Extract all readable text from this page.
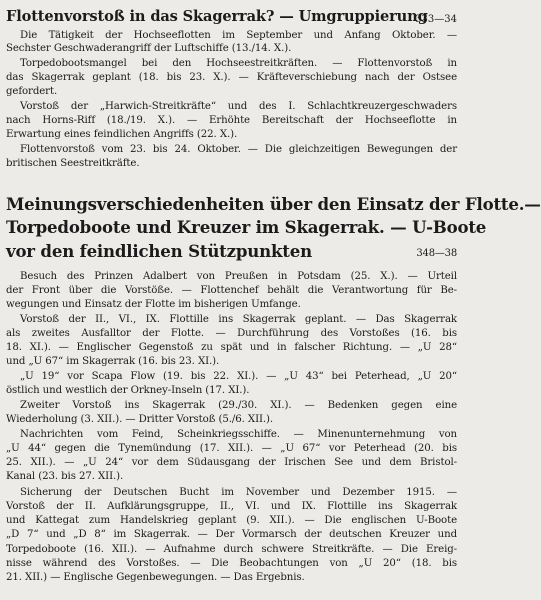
Flottenvorstoß in das Skagerrak? — Umgruppierung
333—34
Die Tätigkeit der Hochseeflotten im September und Anfang Oktober. —
Sechster Geschwaderangriff der Luftschiffe (13./14. X.).
Torpedobootsmangel bei den Hochseestreitkräften. — Flottenvorstoß in
das Skagerrak geplant (18. bis 23. X.). — Kräfteverschiebung nach der Ostsee
gefordert.
Vorstoß der „Harwich-Streitkräfte“ und des I. Schlachtkreuzergeschwaders
nach Horns-Riff (18./19. X.). — Erhöhte Bereitschaft der Hochseeflotte in
Erwartung eines feindlichen Angriffs (22. X.).
Flottenvorstoß vom 23. bis 24. Oktober. — Die gleichzeitigen Bewegungen der
britischen Seestreitkräfte.
Meinungsverschiedenheiten über den Einsatz der Flotte.—
Torpedoboote und Kreuzer im Skagerrak. — U-Boote
vor den feindlichen Stützpunkten	348—38
Besuch des Prinzen Adalbert von Preußen in Potsdam (25. X.). — Urteil
der Front über die Vorstöße. — Flottenchef behält die Verantwortung für Be-
wegungen und Einsatz der Flotte im bisherigen Umfange.
Vorstoß der II., VI., IX. Flottille ins Skagerrak geplant. — Das Skagerrak
als zweites Ausfalltor der Flotte. — Durchführung des Vorstoßes (16. bis
18. XI.). — Englischer Gegenstoß zu spät und in falscher Richtung. — „U 28“
und „U 67“ im Skagerrak (16. bis 23. XI.).
„U 19“ vor Scapa Flow (19. bis 22. XI.). — „U 43“ bei Peterhead, „U 20“
östlich und westlich der Orkney-Inseln (17. XI.).
Zweiter Vorstoß ins Skagerrak (29./30. XI.). — Bedenken gegen eine
Wiederholung (3. XII.). — Dritter Vorstoß (5./6. XII.).
Nachrichten vom Feind, Scheinkriegsschiffe. — Minenunternehmung von
„U 44“ gegen die Tynemündung (17. XII.). — „U 67“ vor Peterhead (20. bis
25. XII.). — „U 24“ vor dem Südausgang der Irischen See und dem Bristol-
Kanal (23. bis 27. XII.).
Sicherung der Deutschen Bucht im November und Dezember 1915. —
Vorstoß der II. Aufklärungsgruppe, II., VI. und IX. Flottille ins Skagerrak
und Kattegat zum Handelskrieg geplant (9. XII.). — Die englischen U-Boote
„D 7“ und „D 8“ im Skagerrak. — Der Vormarsch der deutschen Kreuzer und
Torpedoboote (16. XII.). — Aufnahme durch schwere Streitkräfte. — Die Ereig-
nisse während des Vorstoßes. — Die Beobachtungen von „U 20“ (18. bis
21. XII.) — Englische Gegenbewegungen. — Das Ergebnis.
